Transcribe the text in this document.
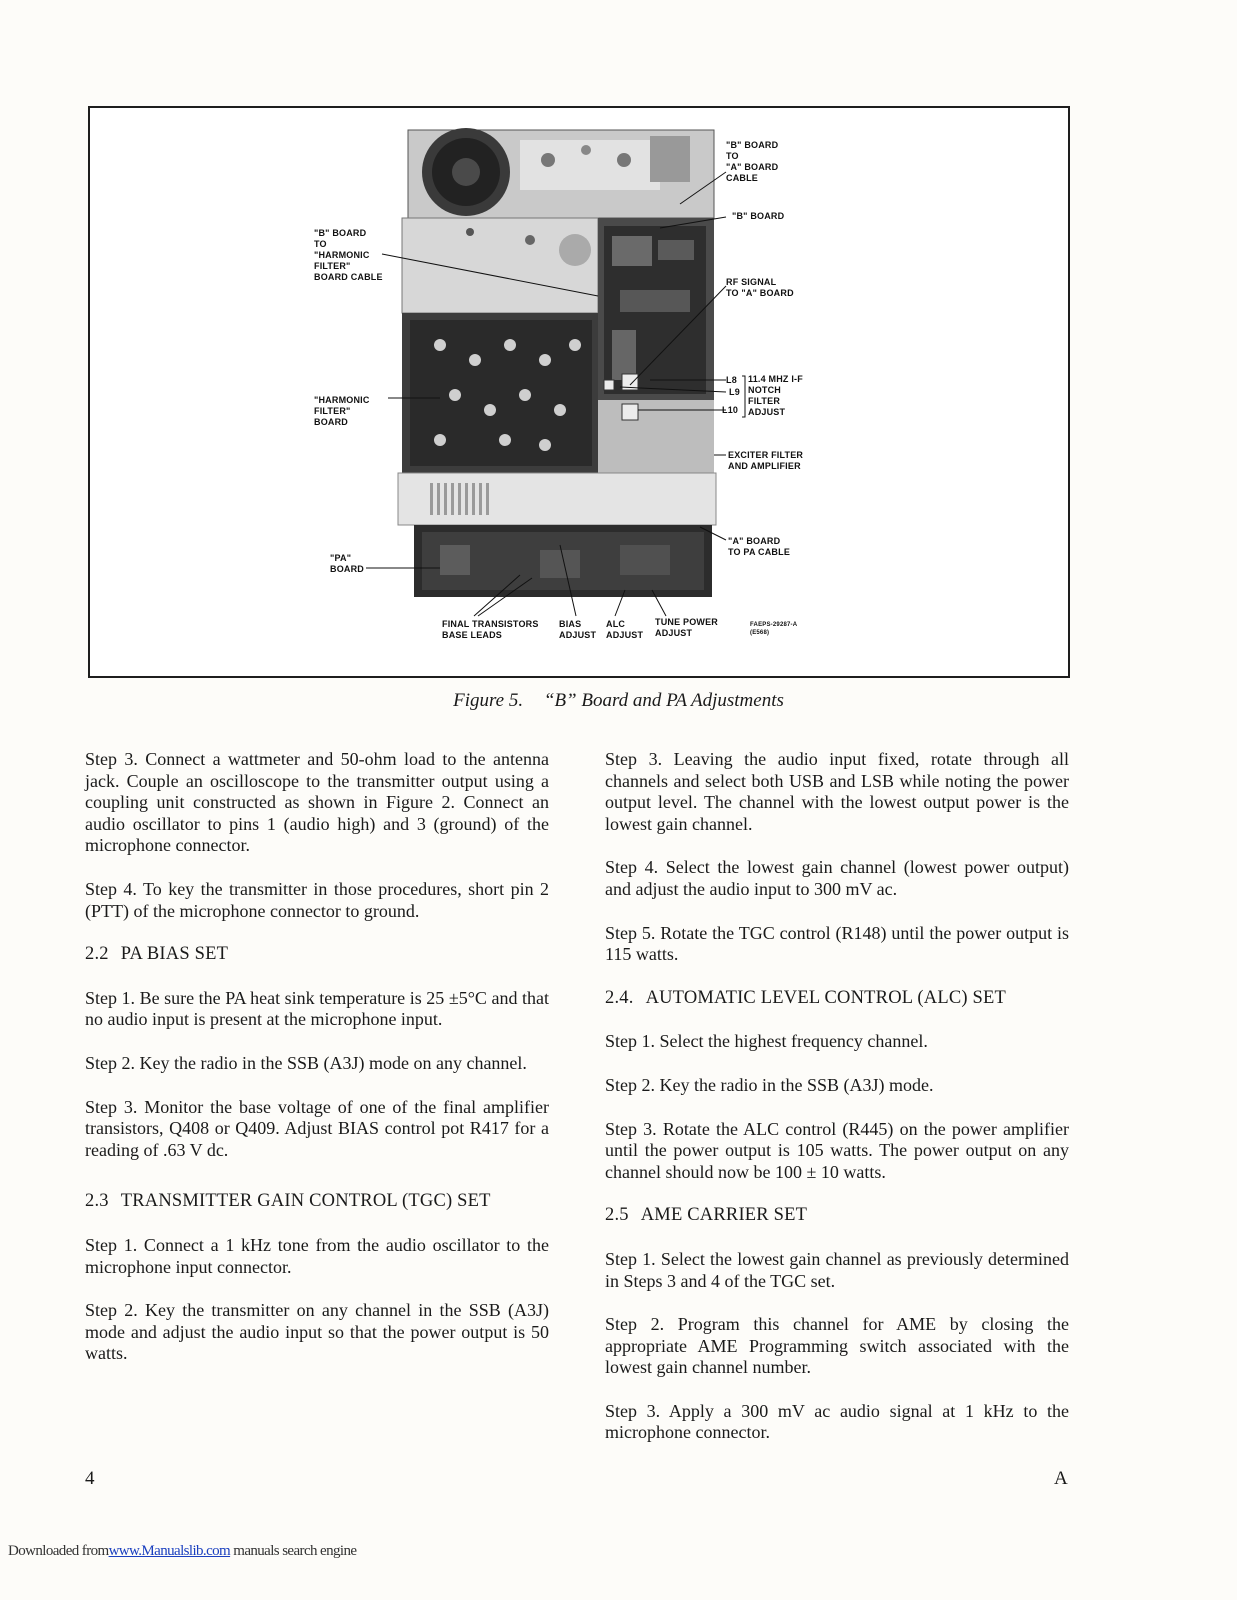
"B" BOARD
TO
"A" BOARD
CABLE
"B" BOARD
"B" BOARD
TO
"HARMONIC
FILTER"
BOARD CABLE	RF SIGNAL
TO "A" BOARD
L8
L9
L10
11.4 MHZ I-F
NOTCH
FILTER
ADJUST
"HARMONIC
FILTER"
BOARD
EXCITER FILTER
AND AMPLIFIER
"A" BOARD
TO PA CABLE
"PA"
BOARD
FINAL TRANSISTORS
BASE LEADS
BIAS
ADJUST
ALC
ADJUST
TUNE POWER
ADJUST
FAEPS-29287-A
(E568)
Figure 5. “B” Board and PA Adjustments

Step 3. Connect a wattmeter and 50-ohm load to the antenna jack. Couple an oscilloscope to the transmitter output using a coupling unit constructed as shown in Figure 2. Connect an audio oscillator to pins 1 (audio high) and 3 (ground) of the microphone connector.

Step 4. To key the transmitter in those procedures, short pin 2 (PTT) of the microphone connector to ground.

2.2 PA BIAS SET

Step 1. Be sure the PA heat sink temperature is 25 ±5°C and that no audio input is present at the microphone input.

Step 2. Key the radio in the SSB (A3J) mode on any channel.

Step 3. Monitor the base voltage of one of the final amplifier transistors, Q408 or Q409. Adjust BIAS control pot R417 for a reading of .63 V dc.

2.3 TRANSMITTER GAIN CONTROL (TGC) SET

Step 1. Connect a 1 kHz tone from the audio oscillator to the microphone input connector.

Step 2. Key the transmitter on any channel in the SSB (A3J) mode and adjust the audio input so that the power output is 50 watts.

Step 3. Leaving the audio input fixed, rotate through all channels and select both USB and LSB while noting the power output level. The channel with the lowest output power is the lowest gain channel.

Step 4. Select the lowest gain channel (lowest power output) and adjust the audio input to 300 mV ac.

Step 5. Rotate the TGC control (R148) until the power output is 115 watts.

2.4. AUTOMATIC LEVEL CONTROL (ALC) SET

Step 1. Select the highest frequency channel.

Step 2. Key the radio in the SSB (A3J) mode.

Step 3. Rotate the ALC control (R445) on the power amplifier until the power output is 105 watts. The power output on any channel should now be 100 ± 10 watts.

2.5 AME CARRIER SET

Step 1. Select the lowest gain channel as previously determined in Steps 3 and 4 of the TGC set.

Step 2. Program this channel for AME by closing the appropriate AME Programming switch associated with the lowest gain channel number.

Step 3. Apply a 300 mV ac audio signal at 1 kHz to the microphone connector.

4	A
Downloaded fromwww.Manualslib.com manuals search engine
